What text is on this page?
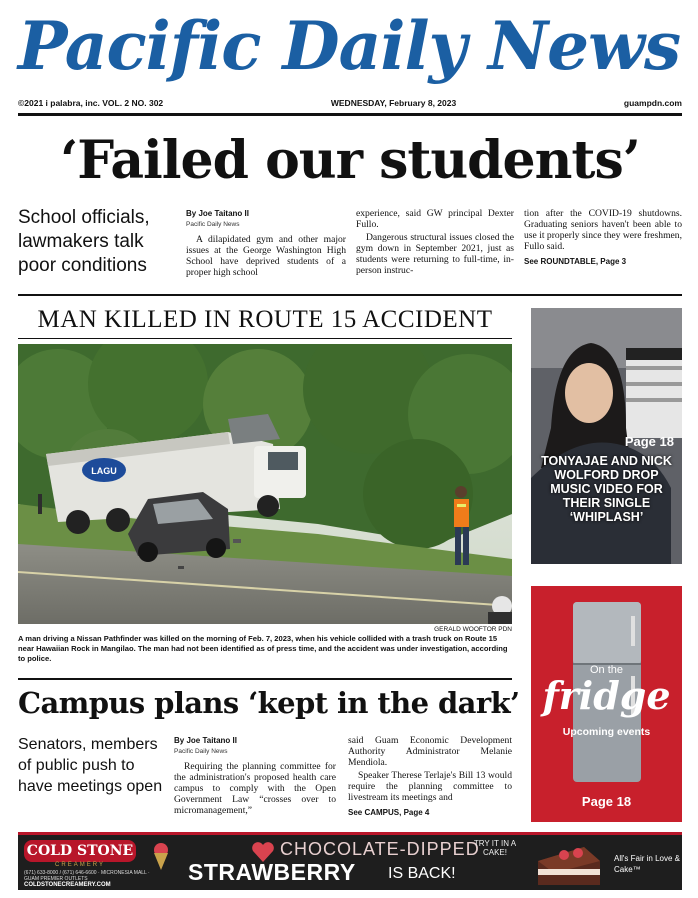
Pacific Daily News
©2021 i palabra, inc. VOL. 2 NO. 302	WEDNESDAY, February 8, 2023	guampdn.com
‘Failed our students’
School officials, lawmakers talk poor conditions
By Joe Taitano II
Pacific Daily News

A dilapidated gym and other major issues at the George Washington High School have deprived students of a proper high school

experience, said GW principal Dexter Fullo.

Dangerous structural issues closed the gym down in September 2021, just as students were returning to full-time, in-person instruc-

tion after the COVID-19 shutdowns. Graduating seniors haven't been able to use it properly since they were freshmen, Fullo said.

See ROUNDTABLE, Page 3
MAN KILLED IN ROUTE 15 ACCIDENT
LAGU
GERALD WOOFTOR PDN
A man driving a Nissan Pathfinder was killed on the morning of Feb. 7, 2023, when his vehicle collided with a trash truck on Route 15 near Hawaiian Rock in Mangilao. The man had not been identified as of press time, and the accident was under investigation, according to police.
Campus plans ‘kept in the dark’
Senators, members of public push to have meetings open
By Joe Taitano II
Pacific Daily News

Requiring the planning committee for the administration's proposed health care campus to comply with the Open Government Law “crosses over to micromanagement,”

said Guam Economic Development Authority Administrator Melanie Mendiola.

Speaker Therese Terlaje's Bill 13 would require the planning committee to livestream its meetings and

See CAMPUS, Page 4
Page 18
TONYAJAE AND NICK WOLFORD DROP MUSIC VIDEO FOR THEIR SINGLE ‘WHIPLASH’
On the
fridge
Upcoming events
Page 18
COLD STONE
CREAMERY
(671) 633-8000 / (671) 646-6600 · MICRONESIA MALL · GUAM PREMIER OUTLETS
COLDSTONECREAMERY.COM
CHOCOLATE-DIPPED
STRAWBERRY IS BACK!
TRY IT IN A CAKE!
All's Fair in Love & Cake™
